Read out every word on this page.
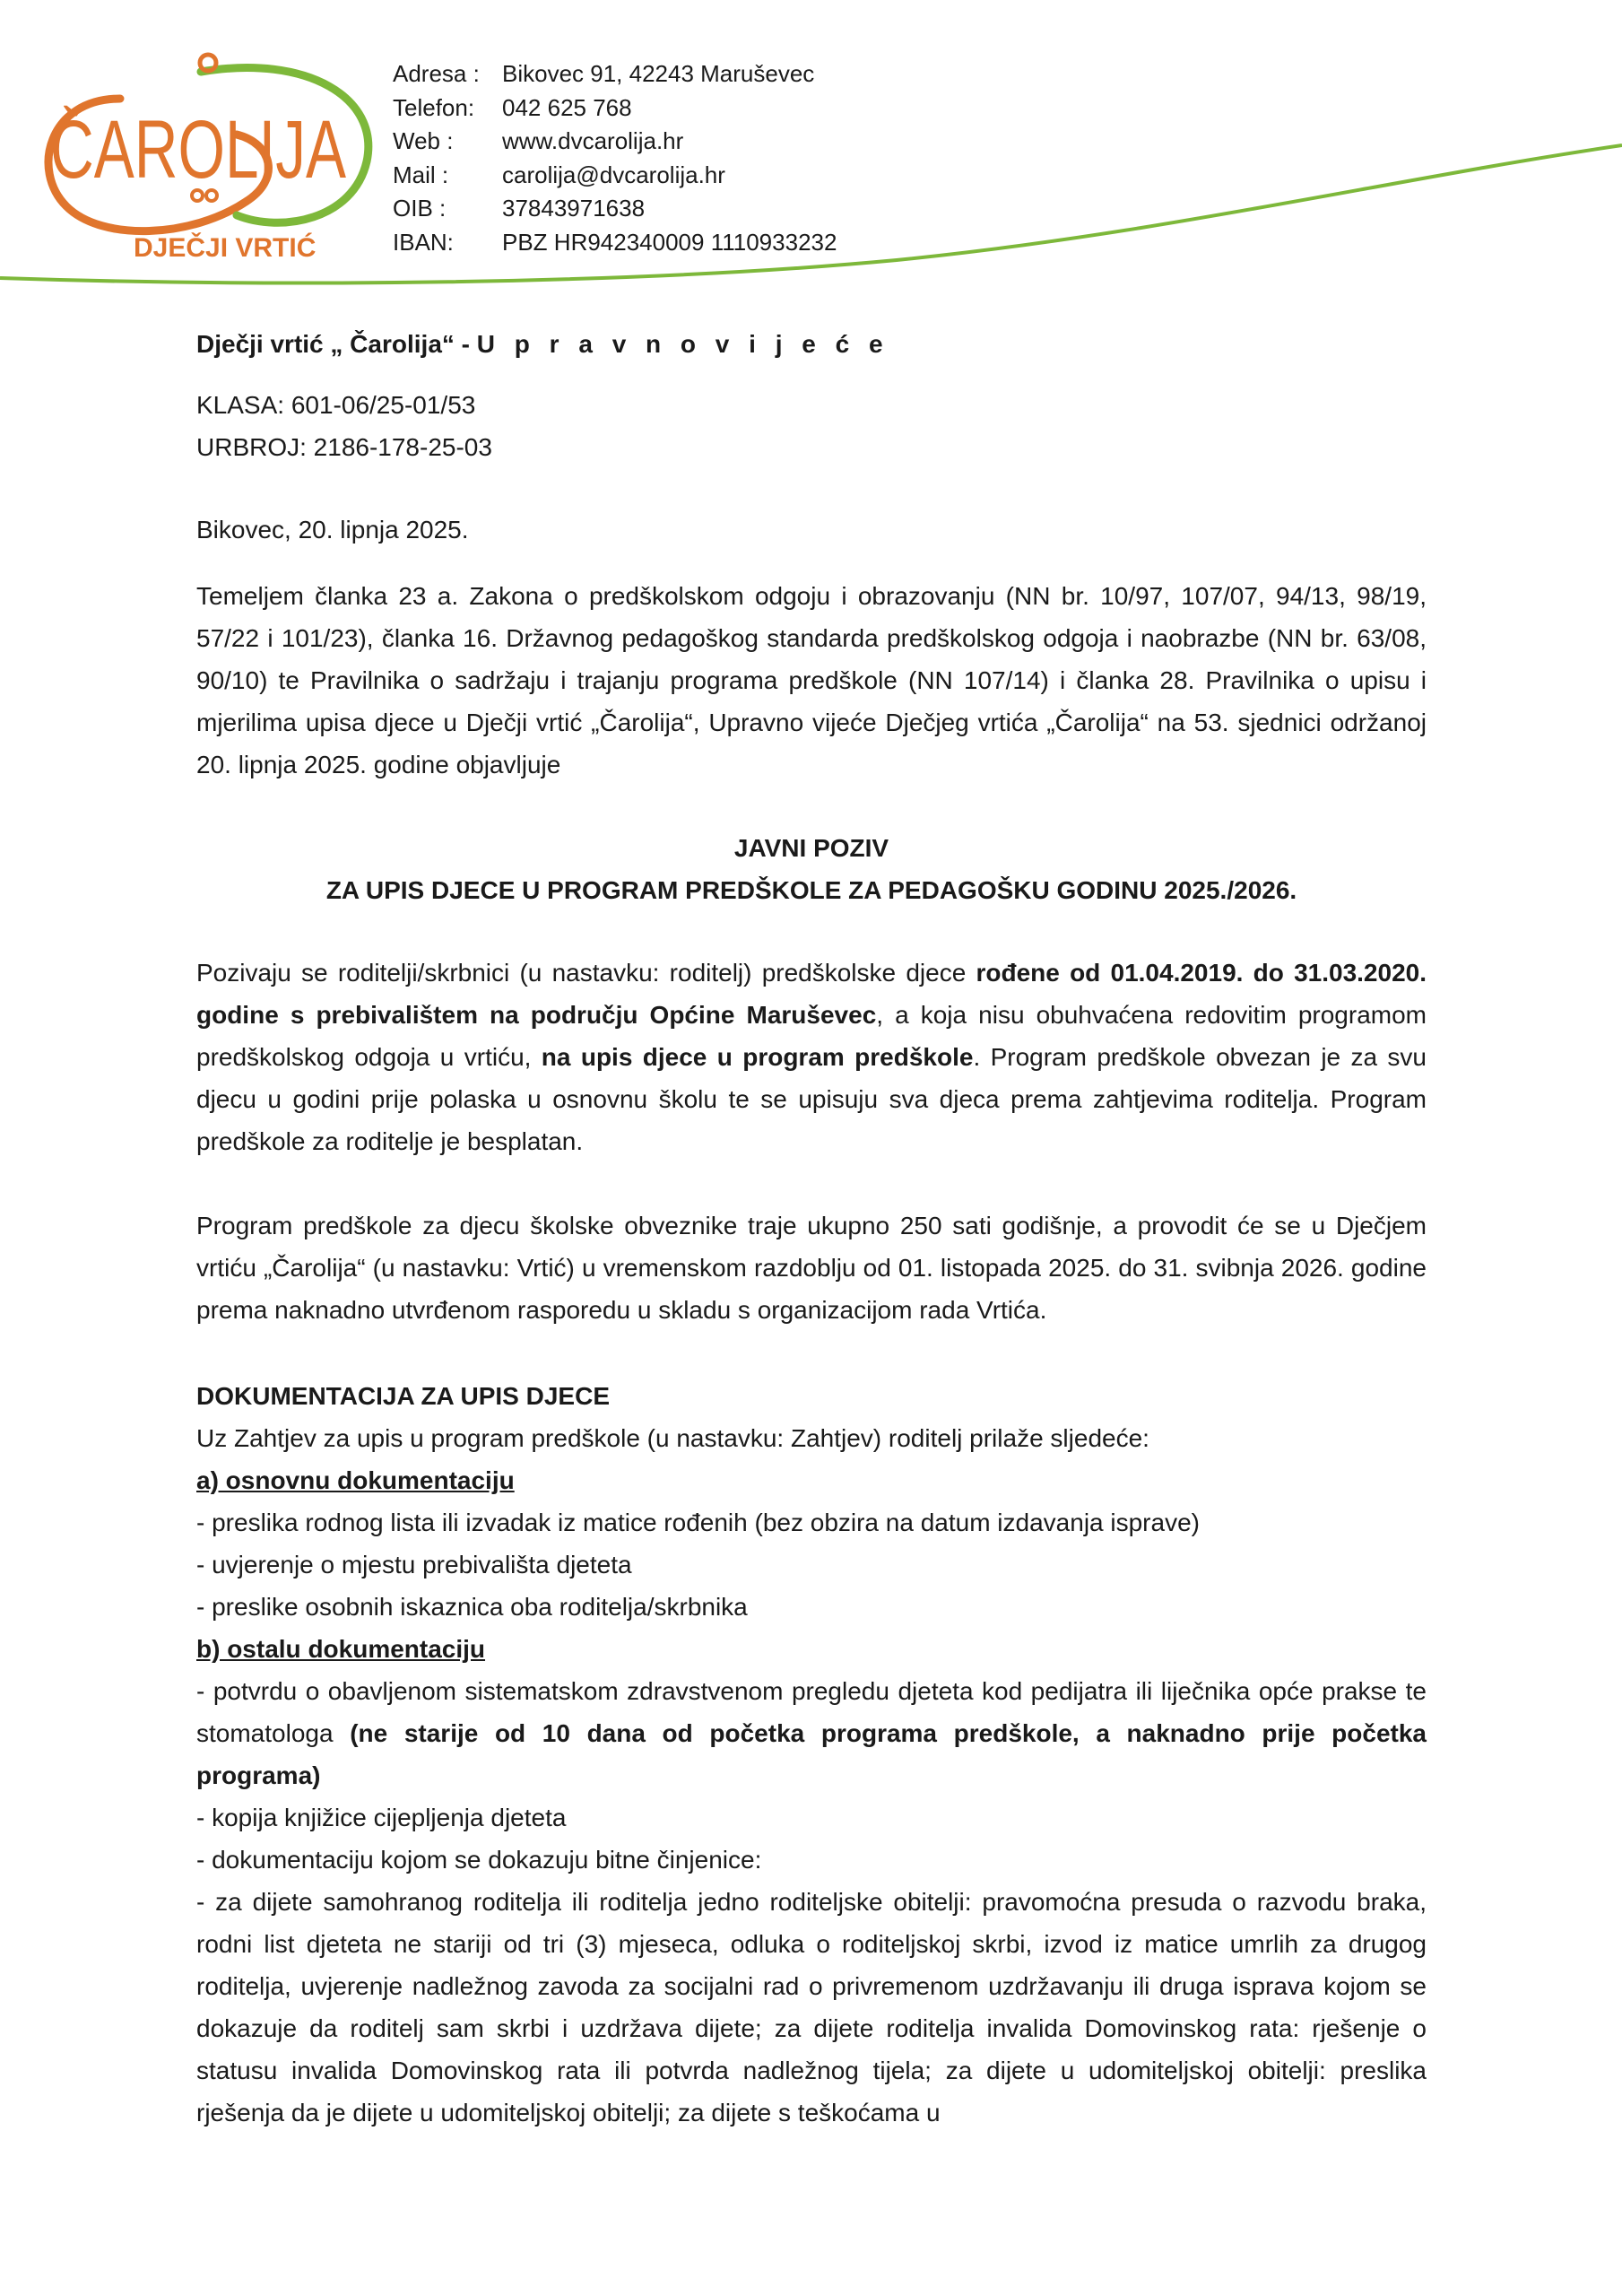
ČAROLIJA
DJEČJI VRTIĆ
Adresa : Bikovec 91, 42243 Maruševec
Telefon:	042 625 768
Web :	www.dvcarolija.hr
Mail :	carolija@dvcarolija.hr
OIB :	37843971638
IBAN:	PBZ HR942340009 1110933232

Dječji vrtić „ Čarolija“ - U p r a v n o v i j e ć e

KLASA: 601-06/25-01/53

URBROJ: 2186-178-25-03

Bikovec, 20. lipnja 2025.

Temeljem članka 23 a. Zakona o predškolskom odgoju i obrazovanju (NN br. 10/97, 107/07, 94/13, 98/19, 57/22 i 101/23), članka 16. Državnog pedagoškog standarda predškolskog odgoja i naobrazbe (NN br. 63/08, 90/10) te Pravilnika o sadržaju i trajanju programa predškole (NN 107/14) i članka 28. Pravilnika o upisu i mjerilima upisa djece u Dječji vrtić „Čarolija“, Upravno vijeće Dječjeg vrtića „Čarolija“ na 53. sjednici održanoj 20. lipnja 2025. godine objavljuje

JAVNI POZIV

ZA UPIS DJECE U PROGRAM PREDŠKOLE ZA PEDAGOŠKU GODINU 2025./2026.

Pozivaju se roditelji/skrbnici (u nastavku: roditelj) predškolske djece rođene od 01.04.2019. do 31.03.2020. godine s prebivalištem na području Općine Maruševec, a koja nisu obuhvaćena redovitim programom predškolskog odgoja u vrtiću, na upis djece u program predškole. Program predškole obvezan je za svu djecu u godini prije polaska u osnovnu školu te se upisuju sva djeca prema zahtjevima roditelja. Program predškole za roditelje je besplatan.

Program predškole za djecu školske obveznike traje ukupno 250 sati godišnje, a provodit će se u Dječjem vrtiću „Čarolija“ (u nastavku: Vrtić) u vremenskom razdoblju od 01. listopada 2025. do 31. svibnja 2026. godine prema naknadno utvrđenom rasporedu u skladu s organizacijom rada Vrtića.

DOKUMENTACIJA ZA UPIS DJECE

Uz Zahtjev za upis u program predškole (u nastavku: Zahtjev) roditelj prilaže sljedeće:

a) osnovnu dokumentaciju

- preslika rodnog lista ili izvadak iz matice rođenih (bez obzira na datum izdavanja isprave)

- uvjerenje o mjestu prebivališta djeteta

- preslike osobnih iskaznica oba roditelja/skrbnika

b) ostalu dokumentaciju

- potvrdu o obavljenom sistematskom zdravstvenom pregledu djeteta kod pedijatra ili liječnika opće prakse te stomatologa (ne starije od 10 dana od početka programa predškole, a naknadno prije početka programa)

- kopija knjižice cijepljenja djeteta

- dokumentaciju kojom se dokazuju bitne činjenice:

- za dijete samohranog roditelja ili roditelja jedno roditeljske obitelji: pravomoćna presuda o razvodu braka, rodni list djeteta ne stariji od tri (3) mjeseca, odluka o roditeljskoj skrbi, izvod iz matice umrlih za drugog roditelja, uvjerenje nadležnog zavoda za socijalni rad o privremenom uzdržavanju ili druga isprava kojom se dokazuje da roditelj sam skrbi i uzdržava dijete; za dijete roditelja invalida Domovinskog rata: rješenje o statusu invalida Domovinskog rata ili potvrda nadležnog tijela; za dijete u udomiteljskoj obitelji: preslika rješenja da je dijete u udomiteljskoj obitelji; za dijete s teškoćama u
